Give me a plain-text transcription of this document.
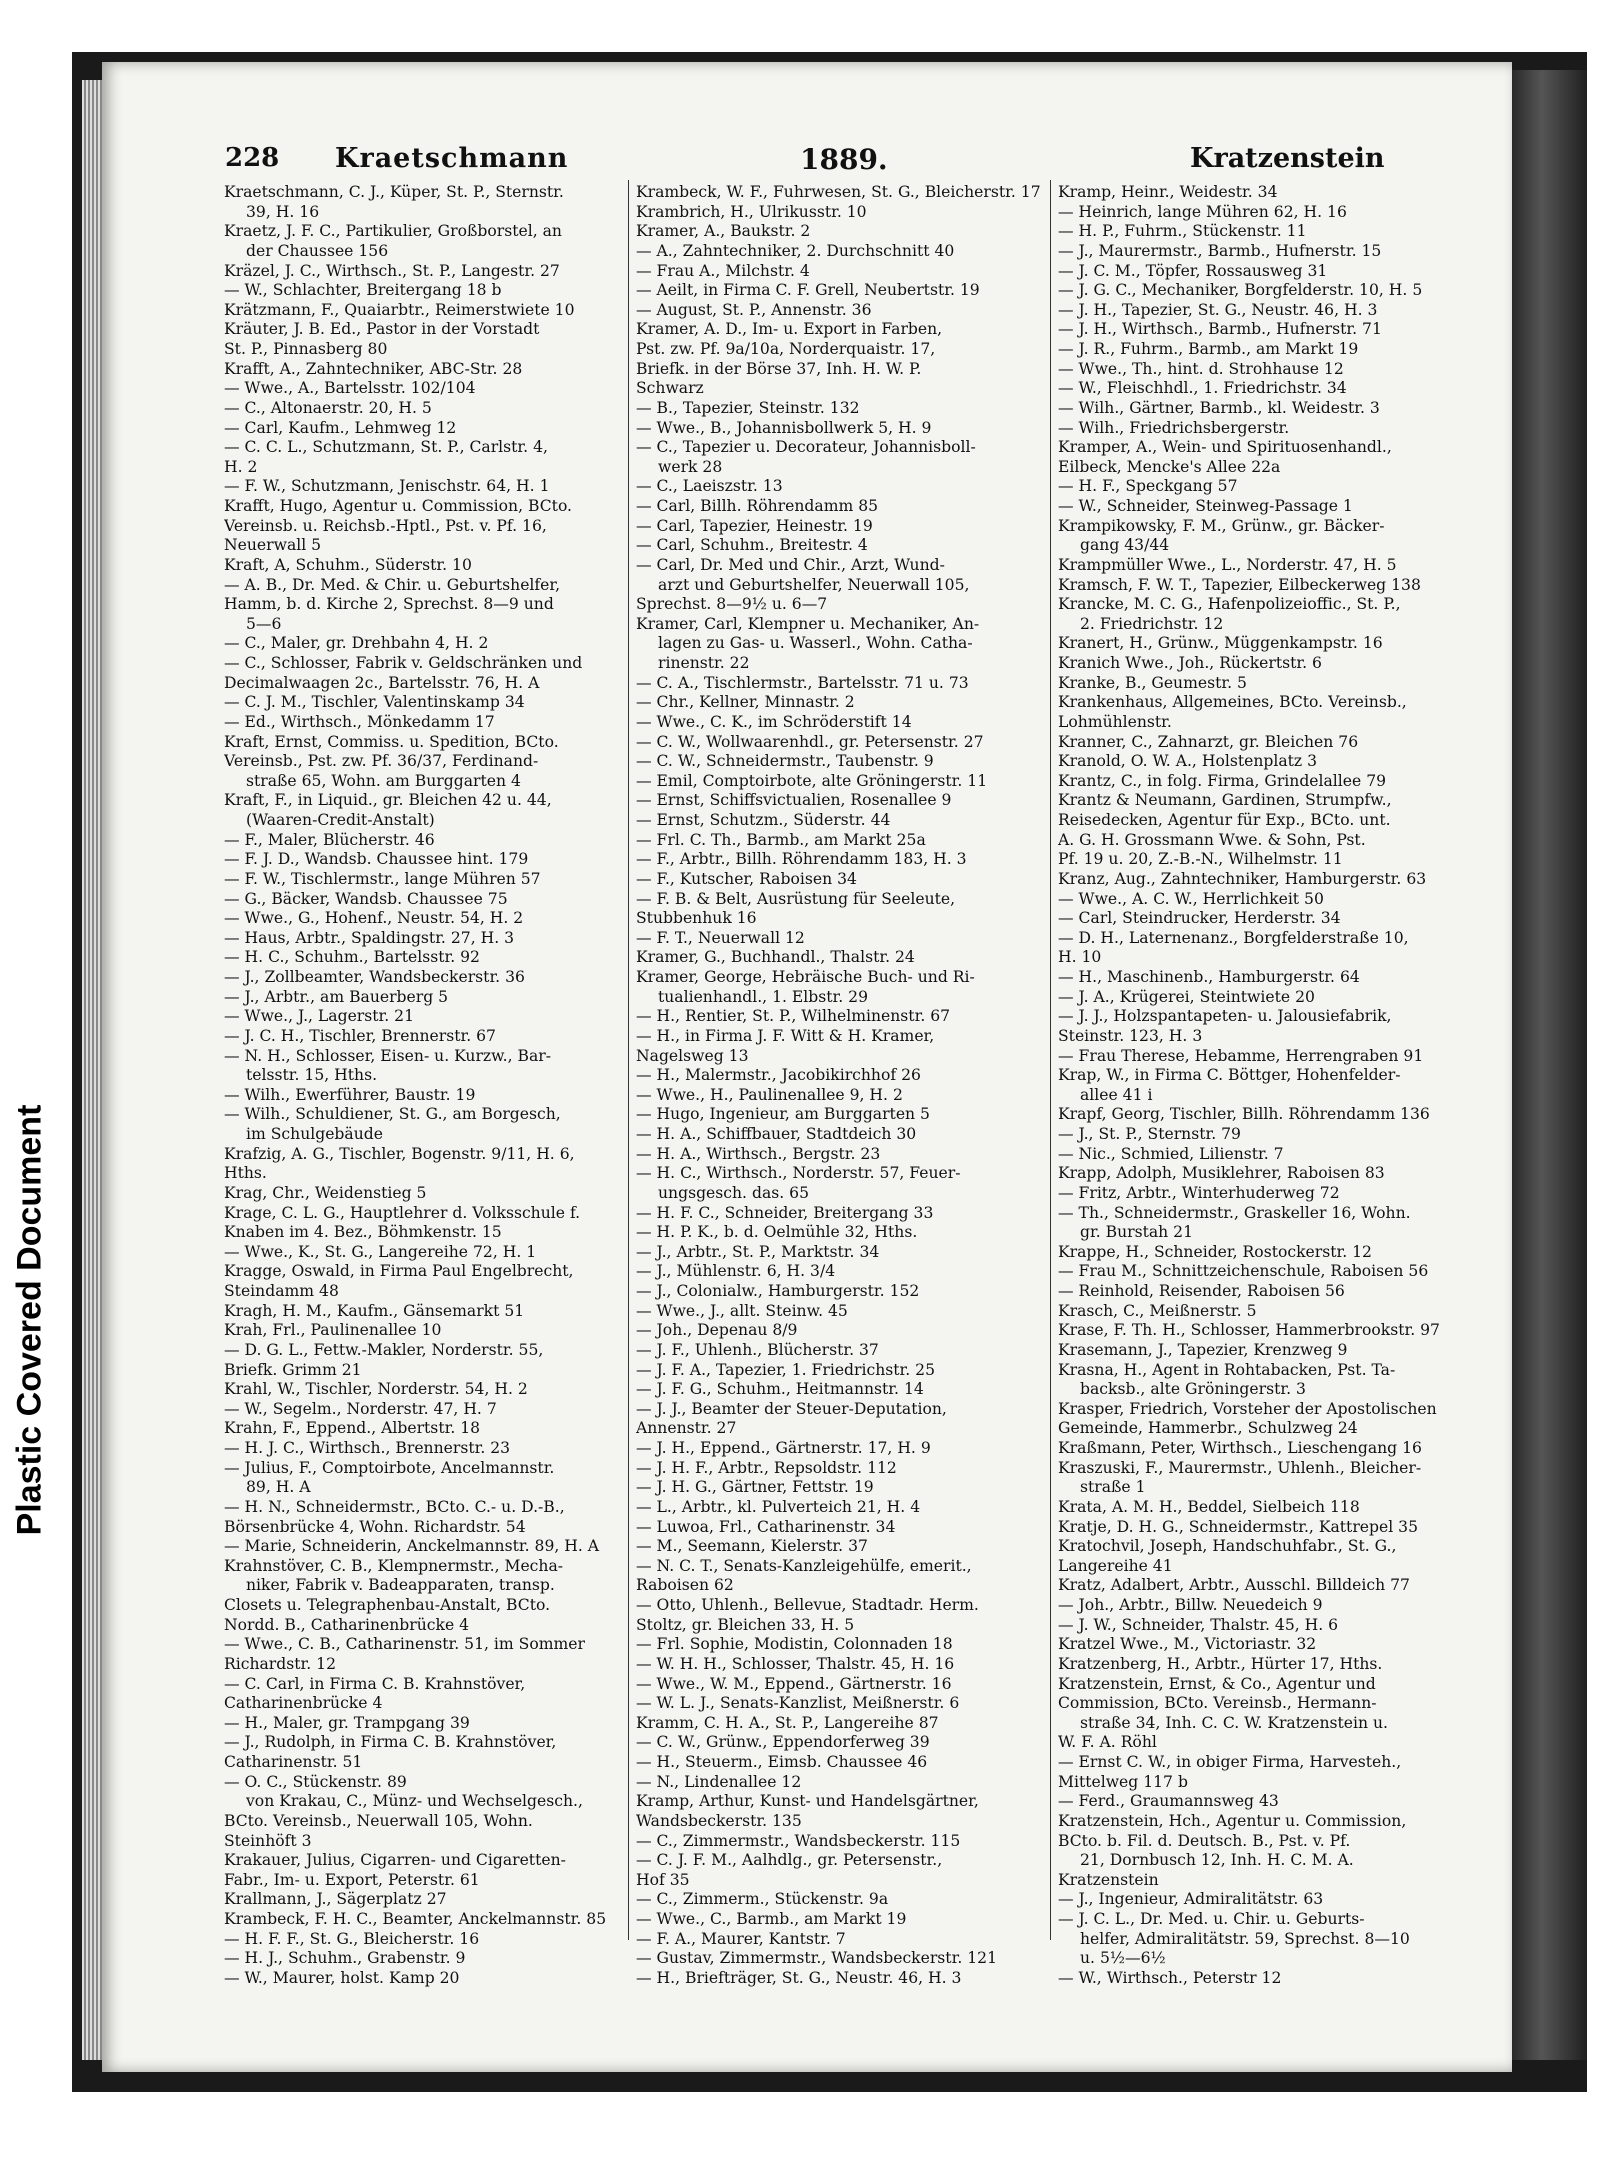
Plastic Covered Document
228 Kraetschmann	1889.	Kratzenstein
Kraetschmann, C. J., Küper, St. P., Sternstr.
39, H. 16
Kraetz, J. F. C., Partikulier, Großborstel, an
der Chaussee 156
Kräzel, J. C., Wirthsch., St. P., Langestr. 27
— W., Schlachter, Breitergang 18 b
Krätzmann, F., Quaiarbtr., Reimerstwiete 10
Kräuter, J. B. Ed., Pastor in der Vorstadt
St. P., Pinnasberg 80
Krafft, A., Zahntechniker, ABC-Str. 28
— Wwe., A., Bartelsstr. 102/104
— C., Altonaerstr. 20, H. 5
— Carl, Kaufm., Lehmweg 12
— C. C. L., Schutzmann, St. P., Carlstr. 4,
H. 2
— F. W., Schutzmann, Jenischstr. 64, H. 1
Krafft, Hugo, Agentur u. Commission, BCto.
Vereinsb. u. Reichsb.-Hptl., Pst. v. Pf. 16,
Neuerwall 5
Kraft, A, Schuhm., Süderstr. 10
— A. B., Dr. Med. & Chir. u. Geburtshelfer,
Hamm, b. d. Kirche 2, Sprechst. 8—9 und
5—6
— C., Maler, gr. Drehbahn 4, H. 2
— C., Schlosser, Fabrik v. Geldschränken und
Decimalwaagen 2c., Bartelsstr. 76, H. A
— C. J. M., Tischler, Valentinskamp 34
— Ed., Wirthsch., Mönkedamm 17
Kraft, Ernst, Commiss. u. Spedition, BCto.
Vereinsb., Pst. zw. Pf. 36/37, Ferdinand-
straße 65, Wohn. am Burggarten 4
Kraft, F., in Liquid., gr. Bleichen 42 u. 44,
(Waaren-Credit-Anstalt)
— F., Maler, Blücherstr. 46
— F. J. D., Wandsb. Chaussee hint. 179
— F. W., Tischlermstr., lange Mühren 57
— G., Bäcker, Wandsb. Chaussee 75
— Wwe., G., Hohenf., Neustr. 54, H. 2
— Haus, Arbtr., Spaldingstr. 27, H. 3
— H. C., Schuhm., Bartelsstr. 92
— J., Zollbeamter, Wandsbeckerstr. 36
— J., Arbtr., am Bauerberg 5
— Wwe., J., Lagerstr. 21
— J. C. H., Tischler, Brennerstr. 67
— N. H., Schlosser, Eisen- u. Kurzw., Bar-
telsstr. 15, Hths.
— Wilh., Ewerführer, Baustr. 19
— Wilh., Schuldiener, St. G., am Borgesch,
im Schulgebäude
Krafzig, A. G., Tischler, Bogenstr. 9/11, H. 6,
Hths.
Krag, Chr., Weidenstieg 5
Krage, C. L. G., Hauptlehrer d. Volksschule f.
Knaben im 4. Bez., Böhmkenstr. 15
— Wwe., K., St. G., Langereihe 72, H. 1
Kragge, Oswald, in Firma Paul Engelbrecht,
Steindamm 48
Kragh, H. M., Kaufm., Gänsemarkt 51
Krah, Frl., Paulinenallee 10
— D. G. L., Fettw.-Makler, Norderstr. 55,
Briefk. Grimm 21
Krahl, W., Tischler, Norderstr. 54, H. 2
— W., Segelm., Norderstr. 47, H. 7
Krahn, F., Eppend., Albertstr. 18
— H. J. C., Wirthsch., Brennerstr. 23
— Julius, F., Comptoirbote, Ancelmannstr.
89, H. A
— H. N., Schneidermstr., BCto. C.- u. D.-B.,
Börsenbrücke 4, Wohn. Richardstr. 54
— Marie, Schneiderin, Anckelmannstr. 89, H. A
Krahnstöver, C. B., Klempnermstr., Mecha-
niker, Fabrik v. Badeapparaten, transp.
Closets u. Telegraphenbau-Anstalt, BCto.
Nordd. B., Catharinenbrücke 4
— Wwe., C. B., Catharinenstr. 51, im Sommer
Richardstr. 12
— C. Carl, in Firma C. B. Krahnstöver,
Catharinenbrücke 4
— H., Maler, gr. Trampgang 39
— J., Rudolph, in Firma C. B. Krahnstöver,
Catharinenstr. 51
— O. C., Stückenstr. 89
von Krakau, C., Münz- und Wechselgesch.,
BCto. Vereinsb., Neuerwall 105, Wohn.
Steinhöft 3
Krakauer, Julius, Cigarren- und Cigaretten-
Fabr., Im- u. Export, Peterstr. 61
Krallmann, J., Sägerplatz 27
Krambeck, F. H. C., Beamter, Anckelmannstr. 85
— H. F. F., St. G., Bleicherstr. 16
— H. J., Schuhm., Grabenstr. 9
— W., Maurer, holst. Kamp 20
Krambeck, W. F., Fuhrwesen, St. G., Bleicherstr. 17
Krambrich, H., Ulrikusstr. 10
Kramer, A., Baukstr. 2
— A., Zahntechniker, 2. Durchschnitt 40
— Frau A., Milchstr. 4
— Aeilt, in Firma C. F. Grell, Neubertstr. 19
— August, St. P., Annenstr. 36
Kramer, A. D., Im- u. Export in Farben,
Pst. zw. Pf. 9a/10a, Norderquaistr. 17,
Briefk. in der Börse 37, Inh. H. W. P.
Schwarz
— B., Tapezier, Steinstr. 132
— Wwe., B., Johannisbollwerk 5, H. 9
— C., Tapezier u. Decorateur, Johannisboll-
werk 28
— C., Laeiszstr. 13
— Carl, Billh. Röhrendamm 85
— Carl, Tapezier, Heinestr. 19
— Carl, Schuhm., Breitestr. 4
— Carl, Dr. Med und Chir., Arzt, Wund-
arzt und Geburtshelfer, Neuerwall 105,
Sprechst. 8—9½ u. 6—7
Kramer, Carl, Klempner u. Mechaniker, An-
lagen zu Gas- u. Wasserl., Wohn. Catha-
rinenstr. 22
— C. A., Tischlermstr., Bartelsstr. 71 u. 73
— Chr., Kellner, Minnastr. 2
— Wwe., C. K., im Schröderstift 14
— C. W., Wollwaarenhdl., gr. Petersenstr. 27
— C. W., Schneidermstr., Taubenstr. 9
— Emil, Comptoirbote, alte Gröningerstr. 11
— Ernst, Schiffsvictualien, Rosenallee 9
— Ernst, Schutzm., Süderstr. 44
— Frl. C. Th., Barmb., am Markt 25a
— F., Arbtr., Billh. Röhrendamm 183, H. 3
— F., Kutscher, Raboisen 34
— F. B. & Belt, Ausrüstung für Seeleute,
Stubbenhuk 16
— F. T., Neuerwall 12
Kramer, G., Buchhandl., Thalstr. 24
Kramer, George, Hebräische Buch- und Ri-
tualienhandl., 1. Elbstr. 29
— H., Rentier, St. P., Wilhelminenstr. 67
— H., in Firma J. F. Witt & H. Kramer,
Nagelsweg 13
— H., Malermstr., Jacobikirchhof 26
— Wwe., H., Paulinenallee 9, H. 2
— Hugo, Ingenieur, am Burggarten 5
— H. A., Schiffbauer, Stadtdeich 30
— H. A., Wirthsch., Bergstr. 23
— H. C., Wirthsch., Norderstr. 57, Feuer-
ungsgesch. das. 65
— H. F. C., Schneider, Breitergang 33
— H. P. K., b. d. Oelmühle 32, Hths.
— J., Arbtr., St. P., Marktstr. 34
— J., Mühlenstr. 6, H. 3/4
— J., Colonialw., Hamburgerstr. 152
— Wwe., J., allt. Steinw. 45
— Joh., Depenau 8/9
— J. F., Uhlenh., Blücherstr. 37
— J. F. A., Tapezier, 1. Friedrichstr. 25
— J. F. G., Schuhm., Heitmannstr. 14
— J. J., Beamter der Steuer-Deputation,
Annenstr. 27
— J. H., Eppend., Gärtnerstr. 17, H. 9
— J. H. F., Arbtr., Repsoldstr. 112
— J. H. G., Gärtner, Fettstr. 19
— L., Arbtr., kl. Pulverteich 21, H. 4
— Luwoa, Frl., Catharinenstr. 34
— M., Seemann, Kielerstr. 37
— N. C. T., Senats-Kanzleigehülfe, emerit.,
Raboisen 62
— Otto, Uhlenh., Bellevue, Stadtadr. Herm.
Stoltz, gr. Bleichen 33, H. 5
— Frl. Sophie, Modistin, Colonnaden 18
— W. H. H., Schlosser, Thalstr. 45, H. 16
— Wwe., W. M., Eppend., Gärtnerstr. 16
— W. L. J., Senats-Kanzlist, Meißnerstr. 6
Kramm, C. H. A., St. P., Langereihe 87
— C. W., Grünw., Eppendorferweg 39
— H., Steuerm., Eimsb. Chaussee 46
— N., Lindenallee 12
Kramp, Arthur, Kunst- und Handelsgärtner,
Wandsbeckerstr. 135
— C., Zimmermstr., Wandsbeckerstr. 115
— C. J. F. M., Aalhdlg., gr. Petersenstr.,
Hof 35
— C., Zimmerm., Stückenstr. 9a
— Wwe., C., Barmb., am Markt 19
— F. A., Maurer, Kantstr. 7
— Gustav, Zimmermstr., Wandsbeckerstr. 121
— H., Briefträger, St. G., Neustr. 46, H. 3
Kramp, Heinr., Weidestr. 34
— Heinrich, lange Mühren 62, H. 16
— H. P., Fuhrm., Stückenstr. 11
— J., Maurermstr., Barmb., Hufnerstr. 15
— J. C. M., Töpfer, Rossausweg 31
— J. G. C., Mechaniker, Borgfelderstr. 10, H. 5
— J. H., Tapezier, St. G., Neustr. 46, H. 3
— J. H., Wirthsch., Barmb., Hufnerstr. 71
— J. R., Fuhrm., Barmb., am Markt 19
— Wwe., Th., hint. d. Strohhause 12
— W., Fleischhdl., 1. Friedrichstr. 34
— Wilh., Gärtner, Barmb., kl. Weidestr. 3
— Wilh., Friedrichsbergerstr.
Kramper, A., Wein- und Spirituosenhandl.,
Eilbeck, Mencke's Allee 22a
— H. F., Speckgang 57
— W., Schneider, Steinweg-Passage 1
Krampikowsky, F. M., Grünw., gr. Bäcker-
gang 43/44
Krampmüller Wwe., L., Norderstr. 47, H. 5
Kramsch, F. W. T., Tapezier, Eilbeckerweg 138
Krancke, M. C. G., Hafenpolizeioffic., St. P.,
2. Friedrichstr. 12
Kranert, H., Grünw., Müggenkampstr. 16
Kranich Wwe., Joh., Rückertstr. 6
Kranke, B., Geumestr. 5
Krankenhaus, Allgemeines, BCto. Vereinsb.,
Lohmühlenstr.
Kranner, C., Zahnarzt, gr. Bleichen 76
Kranold, O. W. A., Holstenplatz 3
Krantz, C., in folg. Firma, Grindelallee 79
Krantz & Neumann, Gardinen, Strumpfw.,
Reisedecken, Agentur für Exp., BCto. unt.
A. G. H. Grossmann Wwe. & Sohn, Pst.
Pf. 19 u. 20, Z.-B.-N., Wilhelmstr. 11
Kranz, Aug., Zahntechniker, Hamburgerstr. 63
— Wwe., A. C. W., Herrlichkeit 50
— Carl, Steindrucker, Herderstr. 34
— D. H., Laternenanz., Borgfelderstraße 10,
H. 10
— H., Maschinenb., Hamburgerstr. 64
— J. A., Krügerei, Steintwiete 20
— J. J., Holzspantapeten- u. Jalousiefabrik,
Steinstr. 123, H. 3
— Frau Therese, Hebamme, Herrengraben 91
Krap, W., in Firma C. Böttger, Hohenfelder-
allee 41 i
Krapf, Georg, Tischler, Billh. Röhrendamm 136
— J., St. P., Sternstr. 79
— Nic., Schmied, Lilienstr. 7
Krapp, Adolph, Musiklehrer, Raboisen 83
— Fritz, Arbtr., Winterhuderweg 72
— Th., Schneidermstr., Graskeller 16, Wohn.
gr. Burstah 21
Krappe, H., Schneider, Rostockerstr. 12
— Frau M., Schnittzeichenschule, Raboisen 56
— Reinhold, Reisender, Raboisen 56
Krasch, C., Meißnerstr. 5
Krase, F. Th. H., Schlosser, Hammerbrookstr. 97
Krasemann, J., Tapezier, Krenzweg 9
Krasna, H., Agent in Rohtabacken, Pst. Ta-
backsb., alte Gröningerstr. 3
Krasper, Friedrich, Vorsteher der Apostolischen
Gemeinde, Hammerbr., Schulzweg 24
Kraßmann, Peter, Wirthsch., Lieschengang 16
Kraszuski, F., Maurermstr., Uhlenh., Bleicher-
straße 1
Krata, A. M. H., Beddel, Sielbeich 118
Kratje, D. H. G., Schneidermstr., Kattrepel 35
Kratochvil, Joseph, Handschuhfabr., St. G.,
Langereihe 41
Kratz, Adalbert, Arbtr., Ausschl. Billdeich 77
— Joh., Arbtr., Billw. Neuedeich 9
— J. W., Schneider, Thalstr. 45, H. 6
Kratzel Wwe., M., Victoriastr. 32
Kratzenberg, H., Arbtr., Hürter 17, Hths.
Kratzenstein, Ernst, & Co., Agentur und
Commission, BCto. Vereinsb., Hermann-
straße 34, Inh. C. C. W. Kratzenstein u.
W. F. A. Röhl
— Ernst C. W., in obiger Firma, Harvesteh.,
Mittelweg 117 b
— Ferd., Graumannsweg 43
Kratzenstein, Hch., Agentur u. Commission,
BCto. b. Fil. d. Deutsch. B., Pst. v. Pf.
21, Dornbusch 12, Inh. H. C. M. A.
Kratzenstein
— J., Ingenieur, Admiralitätstr. 63
— J. C. L., Dr. Med. u. Chir. u. Geburts-
helfer, Admiralitätstr. 59, Sprechst. 8—10
u. 5½—6½
— W., Wirthsch., Peterstr 12
